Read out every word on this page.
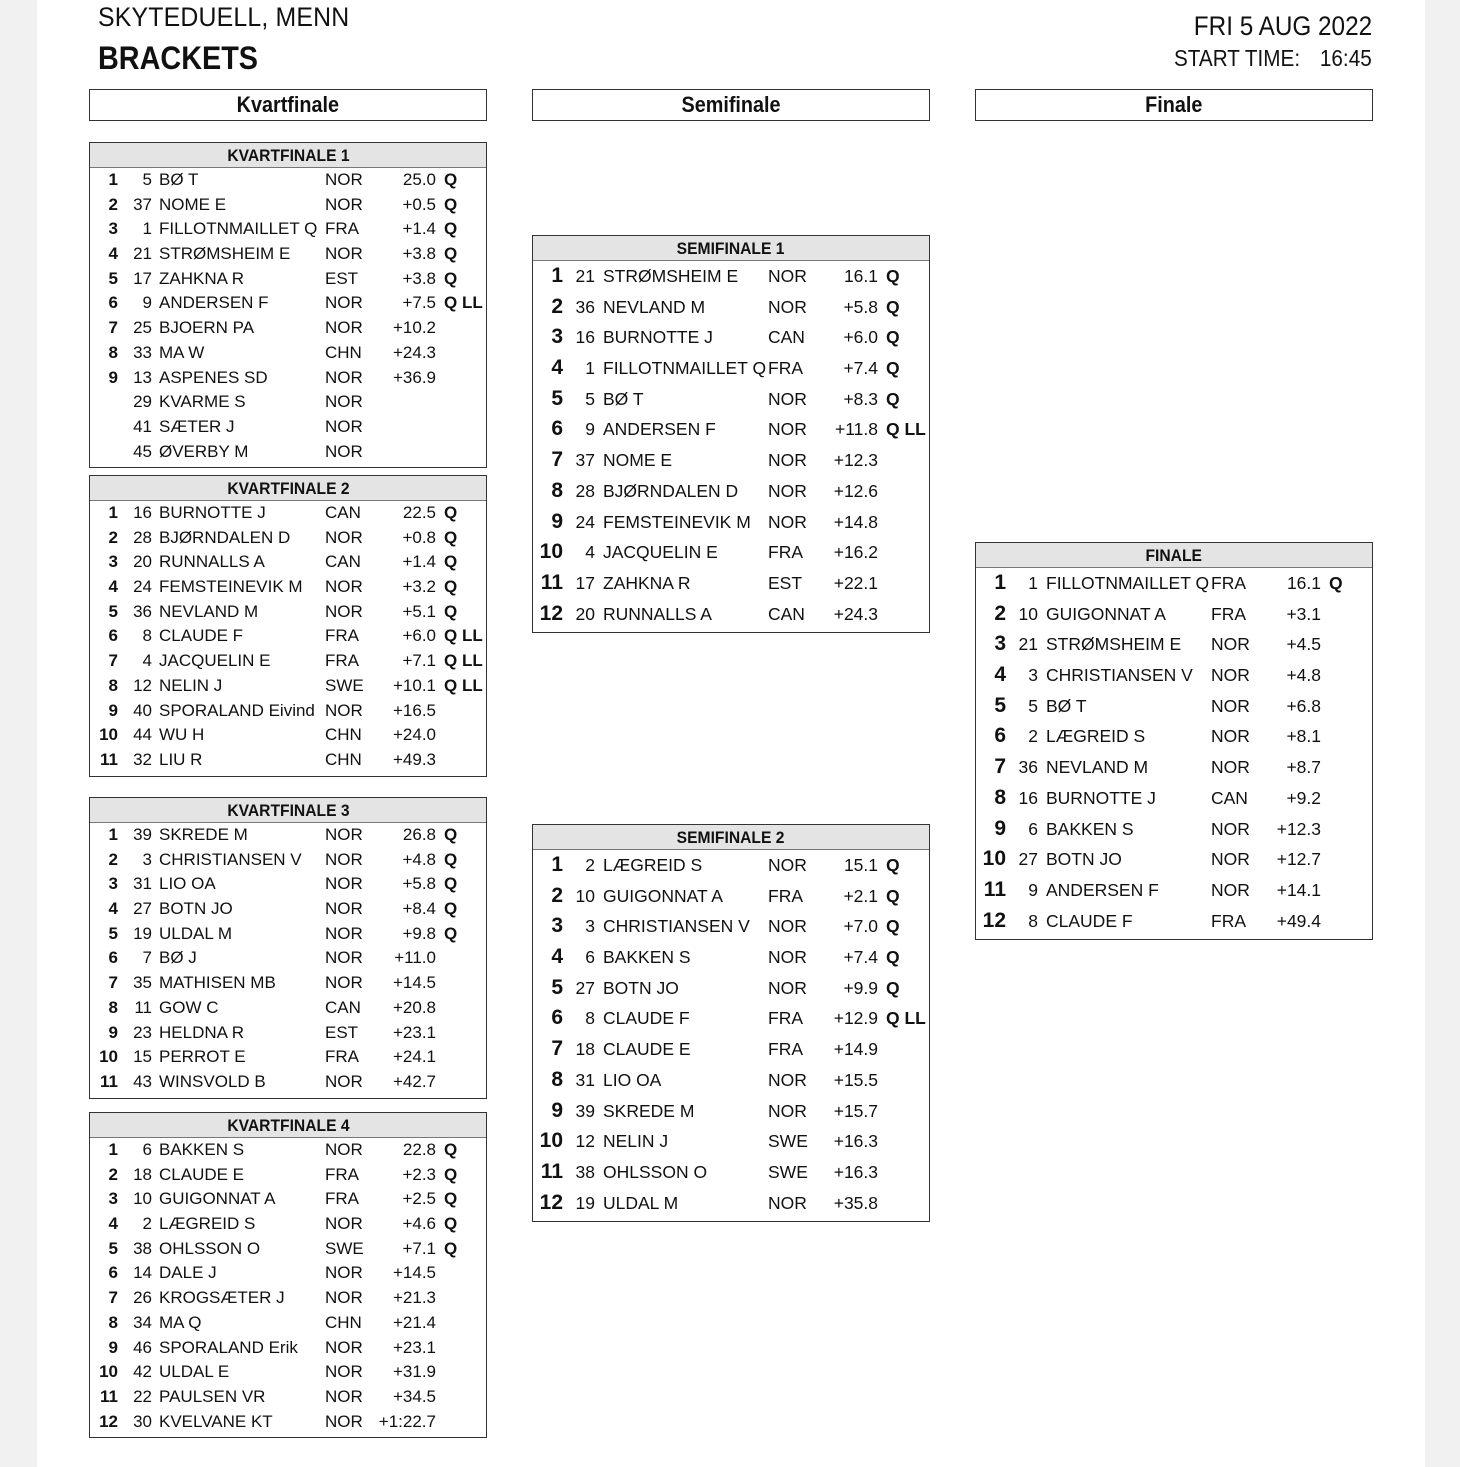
SKYTEDUELL, MENN
BRACKETS
FRI 5 AUG 2022
START TIME: 16:45
Kvartfinale	Semifinale	Finale
KVARTFINALE 1
1	5 BØ T	NOR	25.0 Q
2 37 NOME E	NOR	+0.5 Q
3	1 FILLOTNMAILLET Q FRA	+1.4 Q
4 21 STRØMSHEIM E NOR	+3.8 Q
5 17 ZAHKNA R	EST	+3.8 Q
6	9 ANDERSEN F	NOR	+7.5 Q LL
7 25 BJOERN PA	NOR	+10.2
8 33 MA W	CHN	+24.3
9 13 ASPENES SD	NOR	+36.9
29 KVARME S	NOR
41 SÆTER J	NOR
45 ØVERBY M	NOR
KVARTFINALE 2
1 16 BURNOTTE J	CAN	22.5 Q
2 28 BJØRNDALEN D NOR	+0.8 Q
3 20 RUNNALLS A	CAN	+1.4 Q
4 24 FEMSTEINEVIK M NOR	+3.2 Q
5 36 NEVLAND M	NOR	+5.1 Q
6	8 CLAUDE F	FRA	+6.0 Q LL
7	4 JACQUELIN E	FRA	+7.1 Q LL
8 12 NELIN J	SWE	+10.1 Q LL
9 40 SPORALAND Eivind NOR	+16.5
10 44 WU H	CHN	+24.0
11 32 LIU R	CHN	+49.3
KVARTFINALE 3
1 39 SKREDE M	NOR	26.8 Q
2	3 CHRISTIANSEN V NOR	+4.8 Q
3 31 LIO OA	NOR	+5.8 Q
4 27 BOTN JO	NOR	+8.4 Q
5 19 ULDAL M	NOR	+9.8 Q
6	7 BØ J	NOR	+11.0
7 35 MATHISEN MB	NOR	+14.5
8 11 GOW C	CAN	+20.8
9 23 HELDNA R	EST	+23.1
10 15 PERROT E	FRA	+24.1
11 43 WINSVOLD B	NOR	+42.7
KVARTFINALE 4
1	6 BAKKEN S	NOR	22.8 Q
2 18 CLAUDE E	FRA	+2.3 Q
3 10 GUIGONNAT A	FRA	+2.5 Q
4	2 LÆGREID S	NOR	+4.6 Q
5 38 OHLSSON O	SWE	+7.1 Q
6 14 DALE J	NOR	+14.5
7 26 KROGSÆTER J NOR	+21.3
8 34 MA Q	CHN	+21.4
9 46 SPORALAND Erik NOR	+23.1
10 42 ULDAL E	NOR	+31.9
11 22 PAULSEN VR	NOR	+34.5
12 30 KVELVANE KT	NOR +1:22.7
SEMIFINALE 1
1 21 STRØMSHEIM E NOR	16.1 Q
2 36 NEVLAND M	NOR	+5.8 Q
3 16 BURNOTTE J	CAN	+6.0 Q
4	1 FILLOTNMAILLET Q FRA	+7.4 Q
5	5 BØ T	NOR	+8.3 Q
6	9 ANDERSEN F	NOR	+11.8 Q LL
7 37 NOME E	NOR	+12.3
8 28 BJØRNDALEN D NOR	+12.6
9 24 FEMSTEINEVIK M NOR	+14.8
10	4 JACQUELIN E	FRA	+16.2
11 17 ZAHKNA R	EST	+22.1
12 20 RUNNALLS A	CAN	+24.3
SEMIFINALE 2
1	2 LÆGREID S	NOR	15.1 Q
2 10 GUIGONNAT A	FRA	+2.1 Q
3	3 CHRISTIANSEN V NOR	+7.0 Q
4	6 BAKKEN S	NOR	+7.4 Q
5 27 BOTN JO	NOR	+9.9 Q
6	8 CLAUDE F	FRA	+12.9 Q LL
7 18 CLAUDE E	FRA	+14.9
8 31 LIO OA	NOR	+15.5
9 39 SKREDE M	NOR	+15.7
10 12 NELIN J	SWE	+16.3
11 38 OHLSSON O	SWE	+16.3
12 19 ULDAL M	NOR	+35.8
FINALE
1	1 FILLOTNMAILLET Q FRA	16.1 Q
2 10 GUIGONNAT A	FRA	+3.1
3 21 STRØMSHEIM E NOR	+4.5
4	3 CHRISTIANSEN V NOR	+4.8
5	5 BØ T	NOR	+6.8
6	2 LÆGREID S	NOR	+8.1
7 36 NEVLAND M	NOR	+8.7
8 16 BURNOTTE J	CAN	+9.2
9	6 BAKKEN S	NOR	+12.3
10 27 BOTN JO	NOR	+12.7
11	9 ANDERSEN F	NOR	+14.1
12	8 CLAUDE F	FRA	+49.4
